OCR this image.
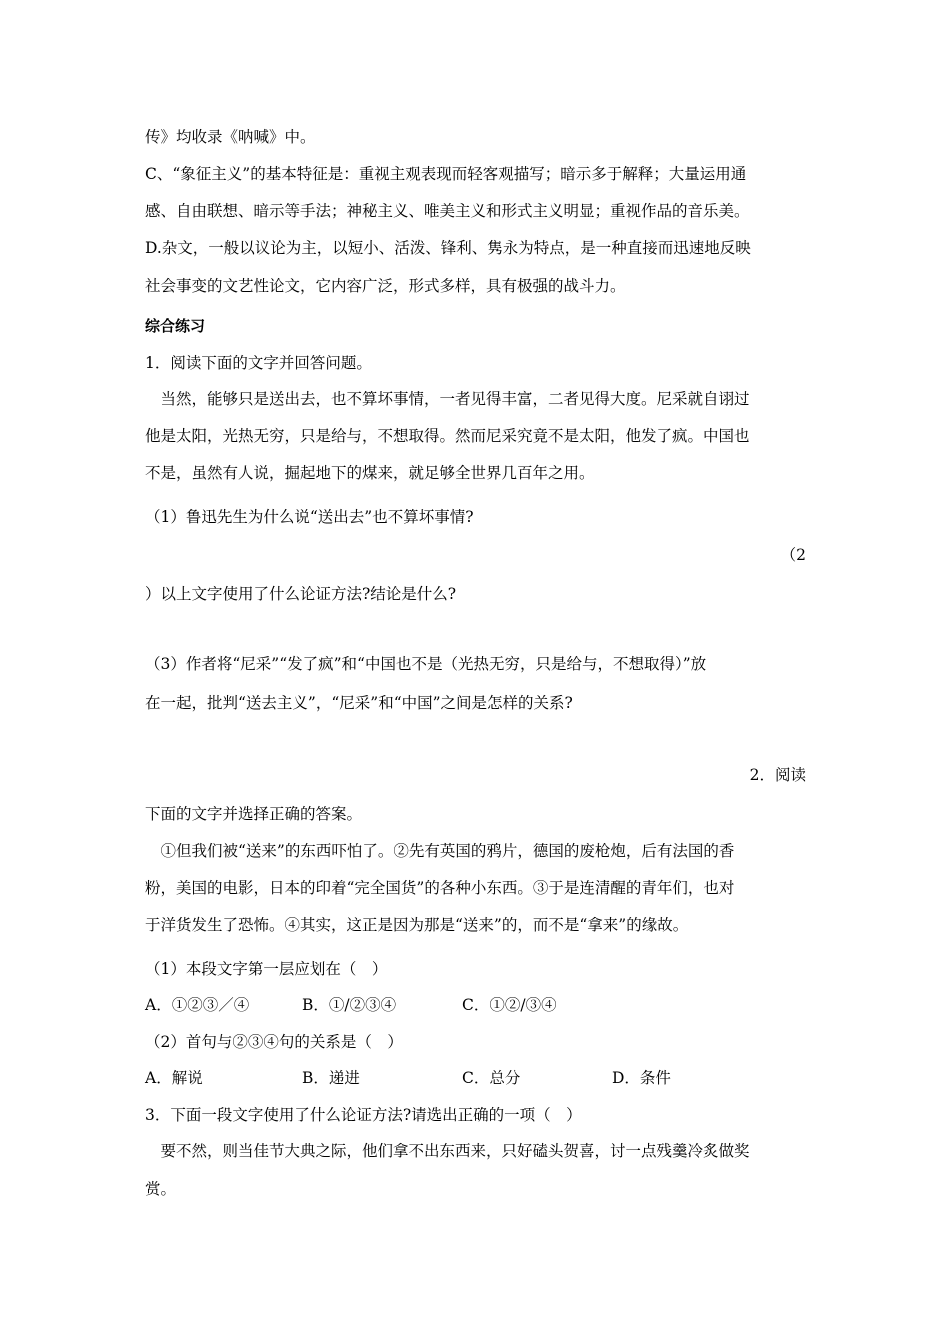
传》均收录《呐喊》中。
C、“象征主义”的基本特征是：重视主观表现而轻客观描写；暗示多于解释；大量运用通
感、自由联想、暗示等手法；神秘主义、唯美主义和形式主义明显；重视作品的音乐美。
D.杂文，一般以议论为主，以短小、活泼、锋利、隽永为特点，是一种直接而迅速地反映
社会事变的文艺性论文，它内容广泛，形式多样，具有极强的战斗力。
综合练习
1．阅读下面的文字并回答问题。
　当然，能够只是送出去，也不算坏事情，一者见得丰富，二者见得大度。尼采就自诩过
他是太阳，光热无穷，只是给与，不想取得。然而尼采究竟不是太阳，他发了疯。中国也
不是，虽然有人说，掘起地下的煤来，就足够全世界几百年之用。
（1）鲁迅先生为什么说“送出去”也不算坏事情?
（2
）以上文字使用了什么论证方法?结论是什么?
（3）作者将“尼采”“发了疯”和“中国也不是（光热无穷，只是给与，不想取得）”放
在一起，批判“送去主义”，“尼采”和“中国”之间是怎样的关系?
2．阅读
下面的文字并选择正确的答案。
　①但我们被“送来”的东西吓怕了。②先有英国的鸦片，德国的废枪炮，后有法国的香
粉，美国的电影，日本的印着“完全国货”的各种小东西。③于是连清醒的青年们，也对
于洋货发生了恐怖。④其实，这正是因为那是“送来”的，而不是“拿来”的缘故。
（1）本段文字第一层应划在（　）
A．①②③／④	B．①/②③④	C．①②/③④
（2）首句与②③④句的关系是（　）
A．解说	B．递进	C．总分	D．条件
3．下面一段文字使用了什么论证方法?请选出正确的一项（　）
　要不然，则当佳节大典之际，他们拿不出东西来，只好磕头贺喜，讨一点残羹冷炙做奖
赏。
